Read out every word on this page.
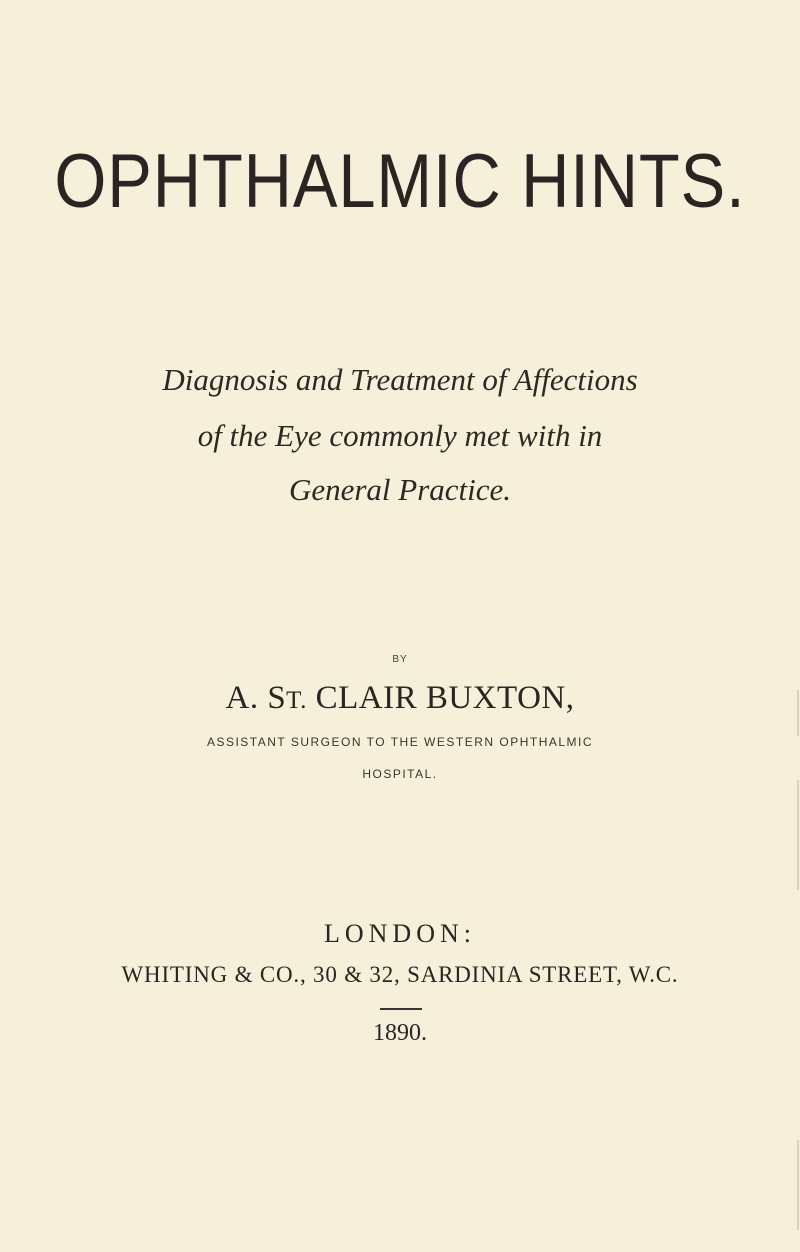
OPHTHALMIC HINTS.
Diagnosis and Treatment of Affections
of the Eye commonly met with in
General Practice.
BY
A. ST. CLAIR BUXTON,
ASSISTANT SURGEON TO THE WESTERN OPHTHALMIC
HOSPITAL.
LONDON:
WHITING & CO., 30 & 32, SARDINIA STREET, W.C.
1890.
